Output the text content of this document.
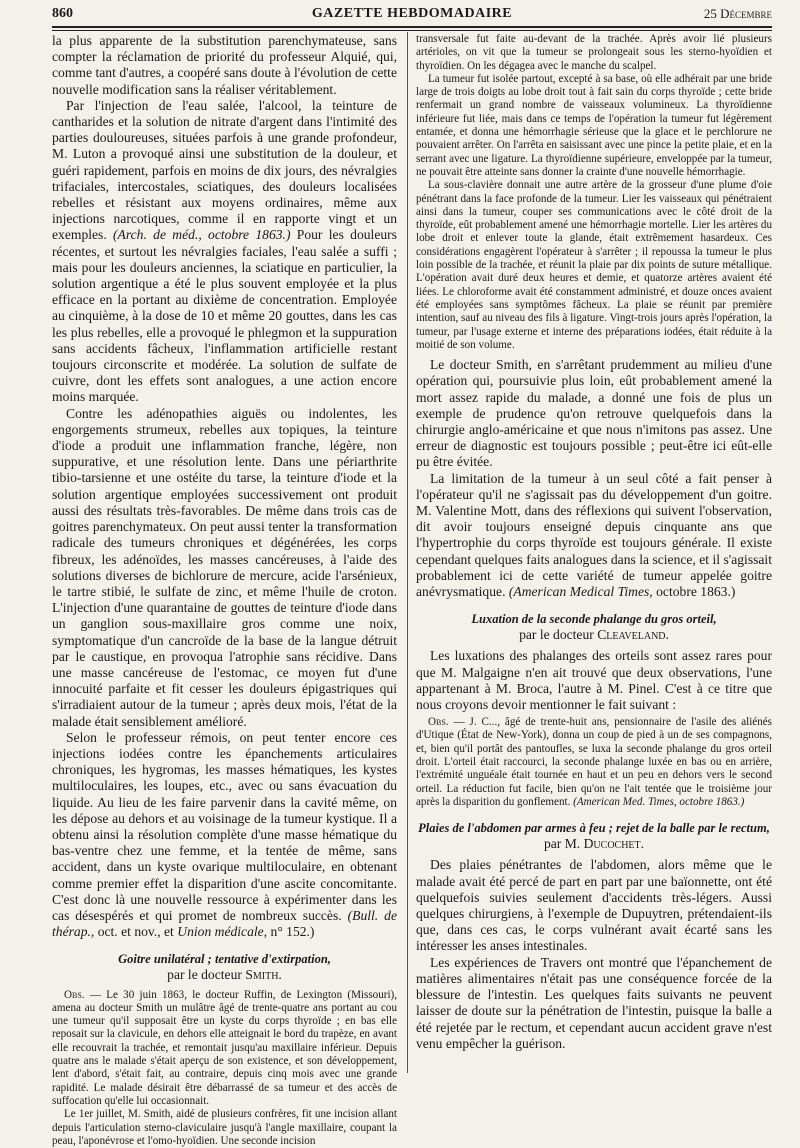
860	GAZETTE HEBDOMADAIRE	25 Décembre

la plus apparente de la substitution parenchymateuse, sans compter la réclamation de priorité du professeur Alquié, qui, comme tant d'autres, a coopéré sans doute à l'évolution de cette nouvelle modification sans la réaliser véritablement.

Par l'injection de l'eau salée, l'alcool, la teinture de cantharides et la solution de nitrate d'argent dans l'intimité des parties douloureuses, situées parfois à une grande profondeur, M. Luton a provoqué ainsi une substitution de la douleur, et guéri rapidement, parfois en moins de dix jours, des névralgies trifaciales, intercostales, sciatiques, des douleurs localisées rebelles et résistant aux moyens ordinaires, même aux injections narcotiques, comme il en rapporte vingt et un exemples. (Arch. de méd., octobre 1863.) Pour les douleurs récentes, et surtout les névralgies faciales, l'eau salée a suffi ; mais pour les douleurs anciennes, la sciatique en particulier, la solution argentique a été le plus souvent employée et la plus efficace en la portant au dixième de concentration. Employée au cinquième, à la dose de 10 et même 20 gouttes, dans les cas les plus rebelles, elle a provoqué le phlegmon et la suppuration sans accidents fâcheux, l'inflammation artificielle restant toujours circonscrite et modérée. La solution de sulfate de cuivre, dont les effets sont analogues, a une action encore moins marquée.

Contre les adénopathies aiguës ou indolentes, les engorgements strumeux, rebelles aux topiques, la teinture d'iode a produit une inflammation franche, légère, non suppurative, et une résolution lente. Dans une périarthrite tibio-tarsienne et une ostéite du tarse, la teinture d'iode et la solution argentique employées successivement ont produit aussi des résultats très-favorables. De même dans trois cas de goitres parenchymateux. On peut aussi tenter la transformation radicale des tumeurs chroniques et dégénérées, les corps fibreux, les adénoïdes, les masses cancéreuses, à l'aide des solutions diverses de bichlorure de mercure, acide l'arsénieux, le tartre stibié, le sulfate de zinc, et même l'huile de croton. L'injection d'une quarantaine de gouttes de teinture d'iode dans un ganglion sous-maxillaire gros comme une noix, symptomatique d'un cancroïde de la base de la langue détruit par le caustique, en provoqua l'atrophie sans récidive. Dans une masse cancéreuse de l'estomac, ce moyen fut d'une innocuité parfaite et fit cesser les douleurs épigastriques qui s'irradiaient autour de la tumeur ; après deux mois, l'état de la malade était sensiblement amélioré.

Selon le professeur rémois, on peut tenter encore ces injections iodées contre les épanchements articulaires chroniques, les hygromas, les masses hématiques, les kystes multiloculaires, les loupes, etc., avec ou sans évacuation du liquide. Au lieu de les faire parvenir dans la cavité même, on les dépose au dehors et au voisinage de la tumeur kystique. Il a obtenu ainsi la résolution complète d'une masse hématique du bas-ventre chez une femme, et la tentée de même, sans accident, dans un kyste ovarique multiloculaire, en obtenant comme premier effet la disparition d'une ascite concomitante. C'est donc là une nouvelle ressource à expérimenter dans les cas désespérés et qui promet de nombreux succès. (Bull. de thérap., oct. et nov., et Union médicale, n° 152.)

Goitre unilatéral ; tentative d'extirpation,

par le docteur Smith.

Obs. — Le 30 juin 1863, le docteur Ruffin, de Lexington (Missouri), amena au docteur Smith un mulâtre âgé de trente-quatre ans portant au cou une tumeur qu'il supposait être un kyste du corps thyroïde ; en bas elle reposait sur la clavicule, en dehors elle atteignait le bord du trapèze, en avant elle recouvrait la trachée, et remontait jusqu'au maxillaire inférieur. Depuis quatre ans le malade s'était aperçu de son existence, et son développement, lent d'abord, s'était fait, au contraire, depuis cinq mois avec une grande rapidité. Le malade désirait être débarrassé de sa tumeur et des accès de suffocation qu'elle lui occasionnait.

Le 1er juillet, M. Smith, aidé de plusieurs confrères, fit une incision allant depuis l'articulation sterno-claviculaire jusqu'à l'angle maxillaire, coupant la peau, l'aponévrose et l'omo-hyoïdien. Une seconde incision

transversale fut faite au-devant de la trachée. Après avoir lié plusieurs artérioles, on vit que la tumeur se prolongeait sous les sterno-hyoïdien et thyroïdien. On les dégagea avec le manche du scalpel.

La tumeur fut isolée partout, excepté à sa base, où elle adhérait par une bride large de trois doigts au lobe droit tout à fait sain du corps thyroïde ; cette bride renfermait un grand nombre de vaisseaux volumineux. La thyroïdienne inférieure fut liée, mais dans ce temps de l'opération la tumeur fut légèrement entamée, et donna une hémorrhagie sérieuse que la glace et le perchlorure ne pouvaient arrêter. On l'arrêta en saisissant avec une pince la petite plaie, et en la serrant avec une ligature. La thyroïdienne supérieure, enveloppée par la tumeur, ne pouvait être atteinte sans donner la crainte d'une nouvelle hémorrhagie.

La sous-clavière donnait une autre artère de la grosseur d'une plume d'oie pénétrant dans la face profonde de la tumeur. Lier les vaisseaux qui pénétraient ainsi dans la tumeur, couper ses communications avec le côté droit de la thyroïde, eût probablement amené une hémorrhagie mortelle. Lier les artères du lobe droit et enlever toute la glande, était extrêmement hasardeux. Ces considérations engagèrent l'opérateur à s'arrêter ; il repoussa la tumeur le plus loin possible de la trachée, et réunit la plaie par dix points de suture métallique. L'opération avait duré deux heures et demie, et quatorze artères avaient été liées. Le chloroforme avait été constamment administré, et douze onces avaient été employées sans symptômes fâcheux. La plaie se réunit par première intention, sauf au niveau des fils à ligature. Vingt-trois jours après l'opération, la tumeur, par l'usage externe et interne des préparations iodées, était réduite à la moitié de son volume.

Le docteur Smith, en s'arrêtant prudemment au milieu d'une opération qui, poursuivie plus loin, eût probablement amené la mort assez rapide du malade, a donné une fois de plus un exemple de prudence qu'on retrouve quelquefois dans la chirurgie anglo-américaine et que nous n'imitons pas assez. Une erreur de diagnostic est toujours possible ; peut-être ici eût-elle pu être évitée.

La limitation de la tumeur à un seul côté a fait penser à l'opérateur qu'il ne s'agissait pas du développement d'un goitre. M. Valentine Mott, dans des réflexions qui suivent l'observation, dit avoir toujours enseigné depuis cinquante ans que l'hypertrophie du corps thyroïde est toujours générale. Il existe cependant quelques faits analogues dans la science, et il s'agissait probablement ici de cette variété de tumeur appelée goitre anévrysmatique. (American Medical Times, octobre 1863.)

Luxation de la seconde phalange du gros orteil,

par le docteur Cleaveland.

Les luxations des phalanges des orteils sont assez rares pour que M. Malgaigne n'en ait trouvé que deux observations, l'une appartenant à M. Broca, l'autre à M. Pinel. C'est à ce titre que nous croyons devoir mentionner le fait suivant :

Obs. — J. C..., âgé de trente-huit ans, pensionnaire de l'asile des aliénés d'Utique (État de New-York), donna un coup de pied à un de ses compagnons, et, bien qu'il portât des pantoufles, se luxa la seconde phalange du gros orteil droit. L'orteil était raccourci, la seconde phalange luxée en bas ou en arrière, l'extrémité unguéale était tournée en haut et un peu en dehors vers le second orteil. La réduction fut facile, bien qu'on ne l'ait tentée que le troisième jour après la disparition du gonflement. (American Med. Times, octobre 1863.)

Plaies de l'abdomen par armes à feu ; rejet de la balle par le rectum,

par M. Ducochet.

Des plaies pénétrantes de l'abdomen, alors même que le malade avait été percé de part en part par une baïonnette, ont été quelquefois suivies seulement d'accidents très-légers. Aussi quelques chirurgiens, à l'exemple de Dupuytren, prétendaient-ils que, dans ces cas, le corps vulnérant avait écarté sans les intéresser les anses intestinales.

Les expériences de Travers ont montré que l'épanchement de matières alimentaires n'était pas une conséquence forcée de la blessure de l'intestin. Les quelques faits suivants ne peuvent laisser de doute sur la pénétration de l'intestin, puisque la balle a été rejetée par le rectum, et cependant aucun accident grave n'est venu empêcher la guérison.
